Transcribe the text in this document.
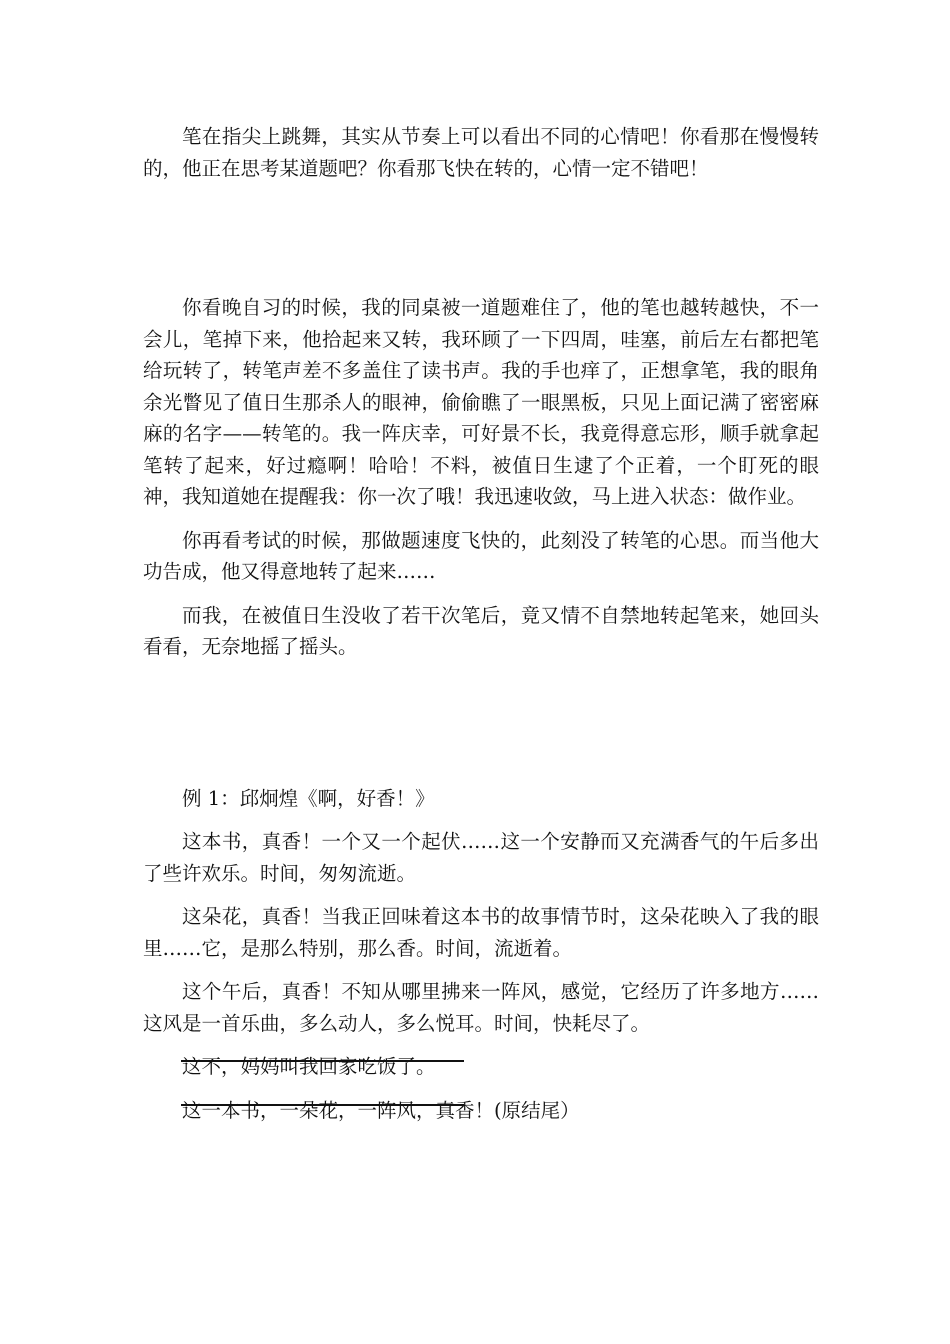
笔在指尖上跳舞，其实从节奏上可以看出不同的心情吧！你看那在慢慢转的，他正在思考某道题吧？你看那飞快在转的，心情一定不错吧！

你看晚自习的时候，我的同桌被一道题难住了，他的笔也越转越快，不一会儿，笔掉下来，他拾起来又转，我环顾了一下四周，哇塞，前后左右都把笔给玩转了，转笔声差不多盖住了读书声。我的手也痒了，正想拿笔，我的眼角余光瞥见了值日生那杀人的眼神，偷偷瞧了一眼黑板，只见上面记满了密密麻麻的名字——转笔的。我一阵庆幸，可好景不长，我竟得意忘形，顺手就拿起笔转了起来，好过瘾啊！哈哈！不料，被值日生逮了个正着，一个盯死的眼神，我知道她在提醒我：你一次了哦！我迅速收敛，马上进入状态：做作业。

你再看考试的时候，那做题速度飞快的，此刻没了转笔的心思。而当他大功告成，他又得意地转了起来……

而我，在被值日生没收了若干次笔后，竟又情不自禁地转起笔来，她回头看看，无奈地摇了摇头。

例 1：邱炯煌《啊，好香！》

这本书，真香！一个又一个起伏……这一个安静而又充满香气的午后多出了些许欢乐。时间，匆匆流逝。

这朵花，真香！当我正回味着这本书的故事情节时，这朵花映入了我的眼里……它，是那么特别，那么香。时间，流逝着。

这个午后，真香！不知从哪里拂来一阵风，感觉，它经历了许多地方……这风是一首乐曲，多么动人，多么悦耳。时间，快耗尽了。

这不，妈妈叫我回家吃饭了。

这一本书，一朵花，一阵风，真香！(原结尾）
